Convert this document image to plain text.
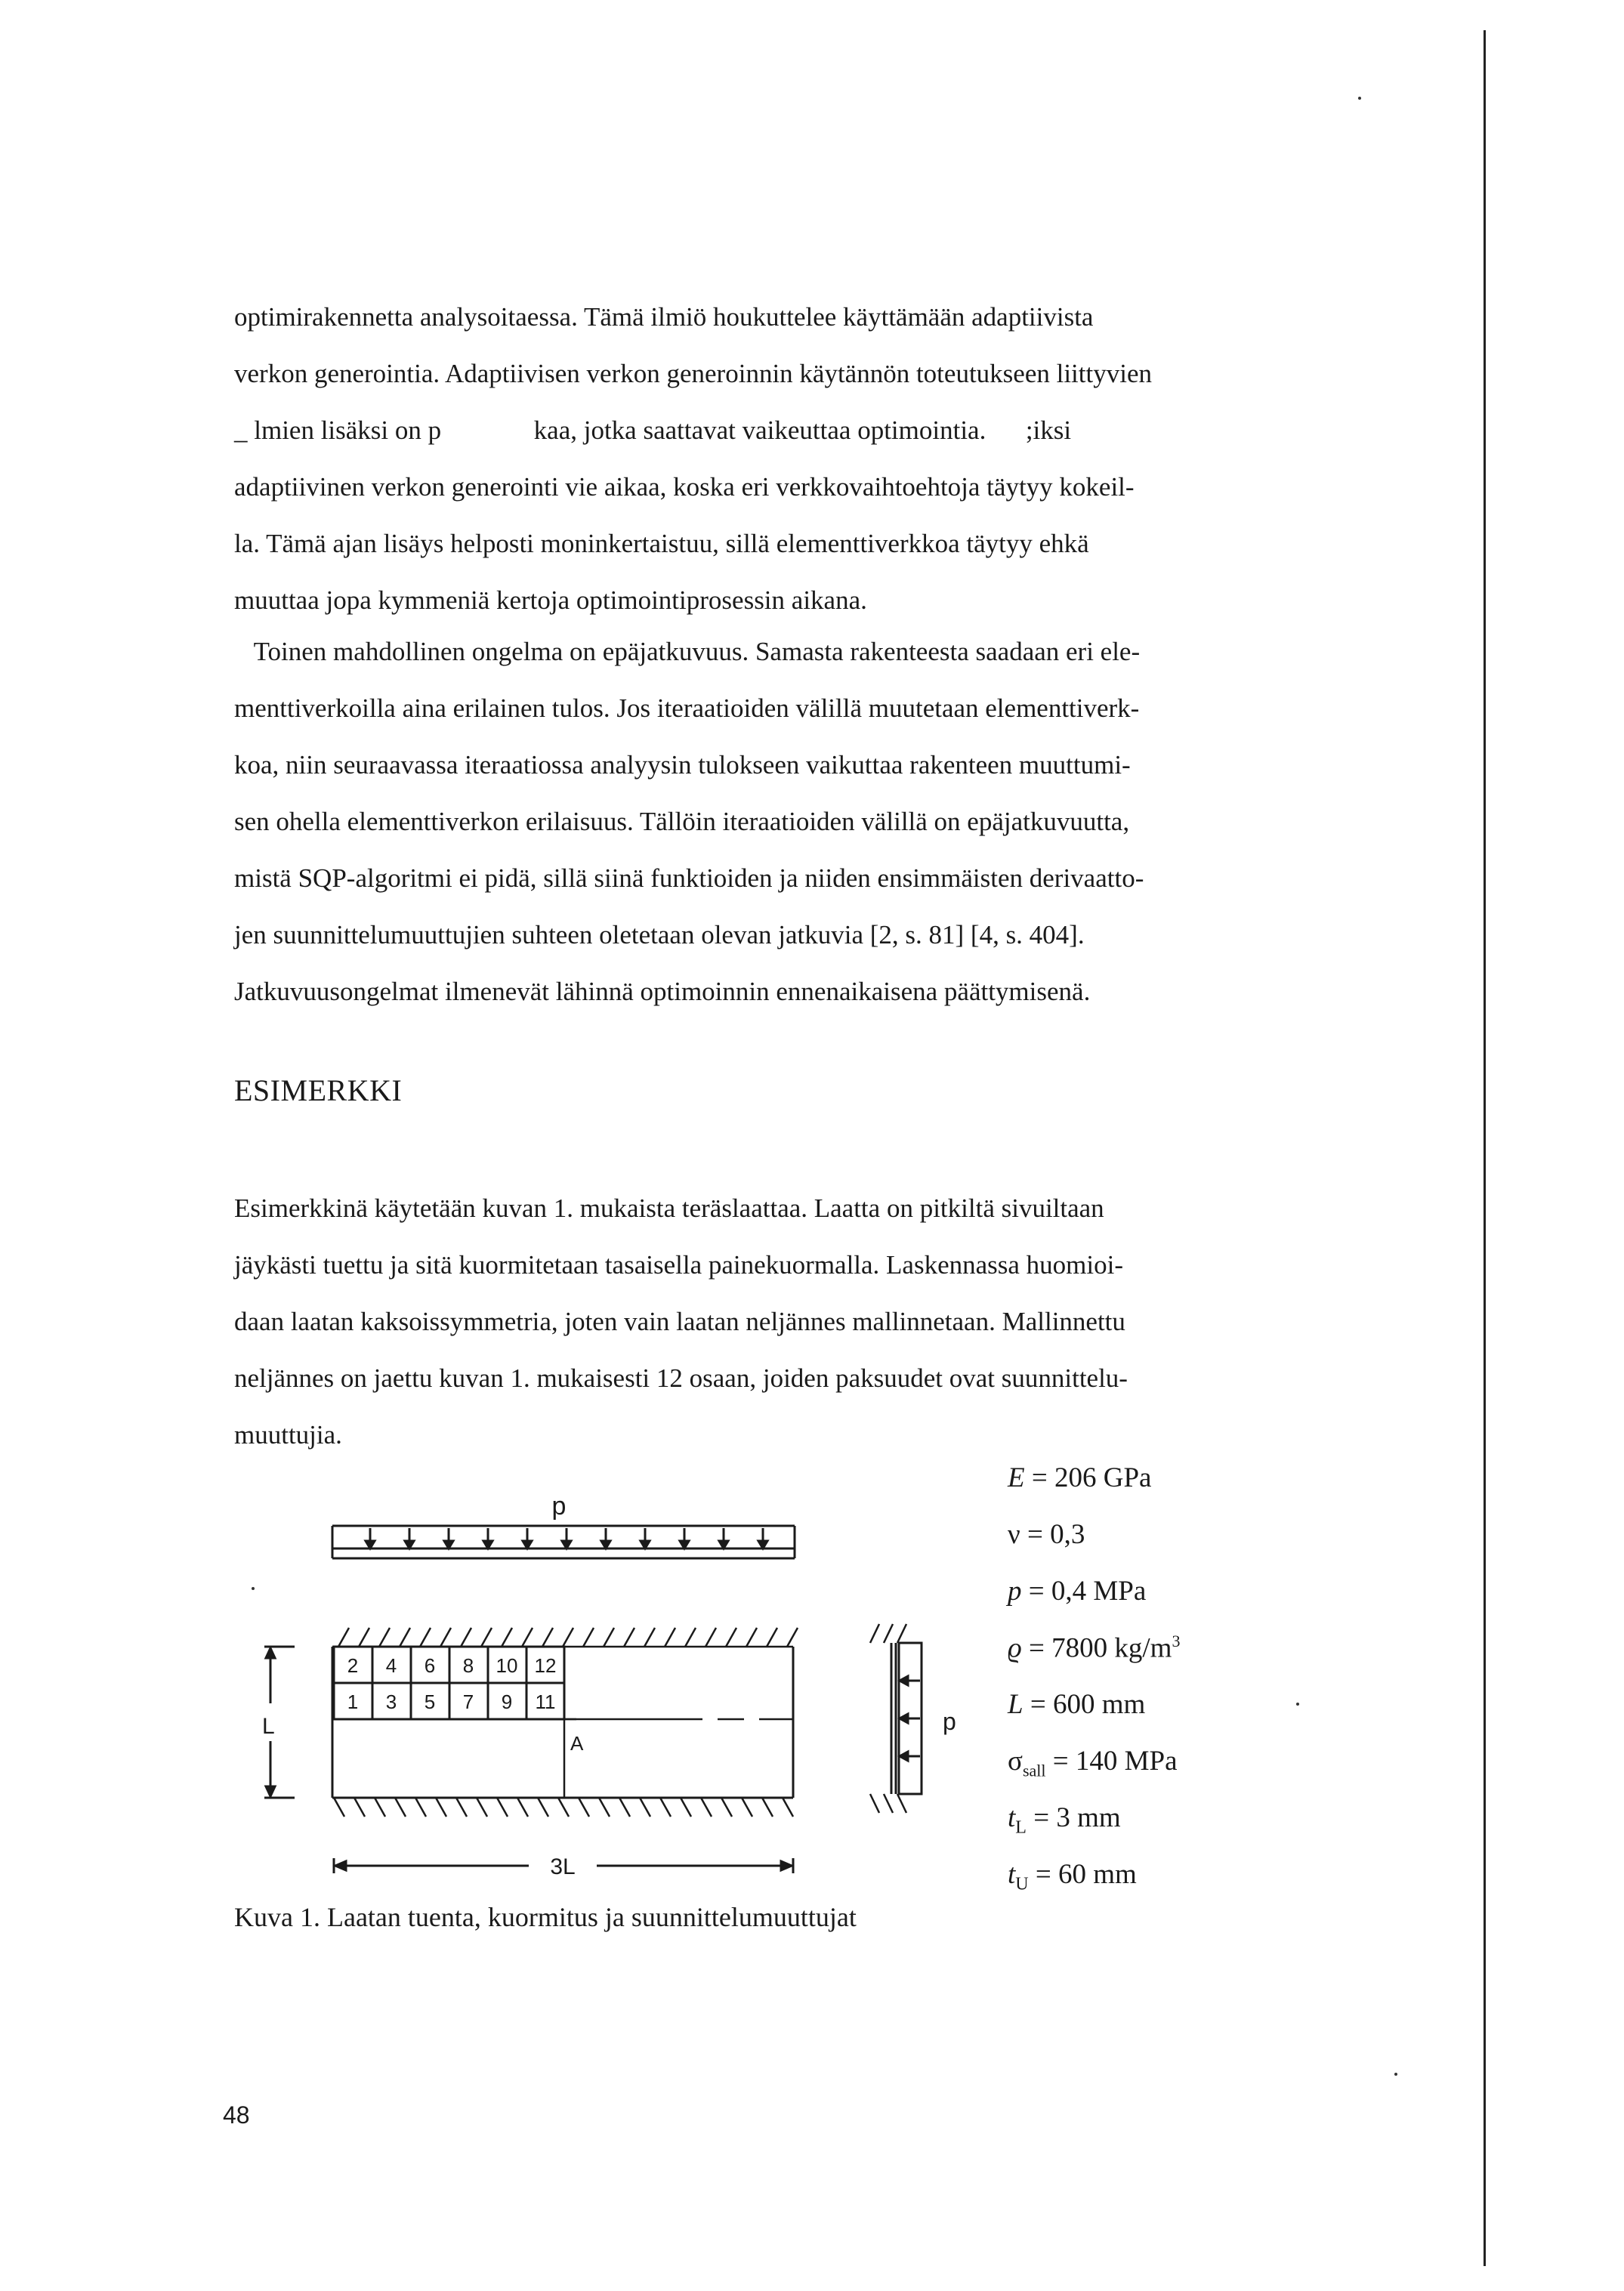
optimirakennetta analysoitaessa. Tämä ilmiö houkuttelee käyttämään adaptiivista
verkon generointia. Adaptiivisen verkon generoinnin käytännön toteutukseen liittyvien
_ lmien lisäksi on p              kaa, jotka saattavat vaikeuttaa optimointia.      ;iksi
adaptiivinen verkon generointi vie aikaa, koska eri verkkovaihtoehtoja täytyy kokeil-
la. Tämä ajan lisäys helposti moninkertaistuu, sillä elementtiverkkoa täytyy ehkä
muuttaa jopa kymmeniä kertoja optimointiprosessin aikana.
Toinen mahdollinen ongelma on epäjatkuvuus. Samasta rakenteesta saadaan eri ele-
menttiverkoilla aina erilainen tulos. Jos iteraatioiden välillä muutetaan elementtiverk-
koa, niin seuraavassa iteraatiossa analyysin tulokseen vaikuttaa rakenteen muuttumi-
sen ohella elementtiverkon erilaisuus. Tällöin iteraatioiden välillä on epäjatkuvuutta,
mistä SQP-algoritmi ei pidä, sillä siinä funktioiden ja niiden ensimmäisten derivaatto-
jen suunnittelumuuttujien suhteen oletetaan olevan jatkuvia [2, s. 81] [4, s. 404].
Jatkuvuusongelmat ilmenevät lähinnä optimoinnin ennenaikaisena päättymisenä.
ESIMERKKI
Esimerkkinä käytetään kuvan 1. mukaista teräslaattaa. Laatta on pitkiltä sivuiltaan
jäykästi tuettu ja sitä kuormitetaan tasaisella painekuormalla. Laskennassa huomioi-
daan laatan kaksoissymmetria, joten vain laatan neljännes mallinnetaan. Mallinnettu
neljännes on jaettu kuvan 1. mukaisesti 12 osaan, joiden paksuudet ovat suunnittelu-
muuttujia.
p
2 4 6 8 10 12
1 3 5 7 9 11
A
L
3L
p
E = 206 GPa
ν = 0,3
p = 0,4 MPa
ϱ = 7800 $kg/m^3$
L = 600 mm
$\sigma_{sall} = 140$ MPa
$t_L = 3$ mm
$t_U = 60$ mm
Kuva 1. Laatan tuenta, kuormitus ja suunnittelumuuttujat
48
